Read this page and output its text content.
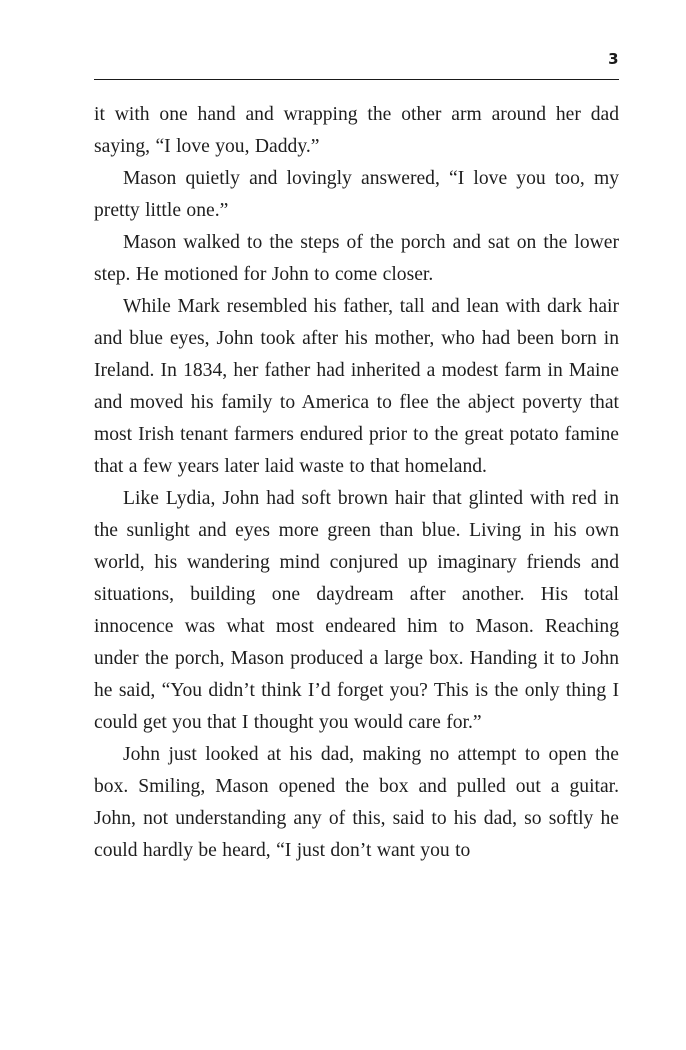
3

it with one hand and wrapping the other arm around her dad saying, “I love you, Daddy.”

Mason quietly and lovingly answered, “I love you too, my pretty little one.”

Mason walked to the steps of the porch and sat on the lower step. He motioned for John to come closer.

While Mark resembled his father, tall and lean with dark hair and blue eyes, John took after his mother, who had been born in Ireland. In 1834, her father had inherited a modest farm in Maine and moved his family to America to flee the abject poverty that most Irish tenant farmers endured prior to the great potato famine that a few years later laid waste to that homeland.

Like Lydia, John had soft brown hair that glinted with red in the sunlight and eyes more green than blue. Living in his own world, his wandering mind conjured up imaginary friends and situations, building one daydream after another. His total innocence was what most endeared him to Mason. Reaching under the porch, Mason produced a large box. Handing it to John he said, “You didn’t think I’d forget you? This is the only thing I could get you that I thought you would care for.”

John just looked at his dad, making no attempt to open the box. Smiling, Mason opened the box and pulled out a guitar. John, not understanding any of this, said to his dad, so softly he could hardly be heard, “I just don’t want you to
